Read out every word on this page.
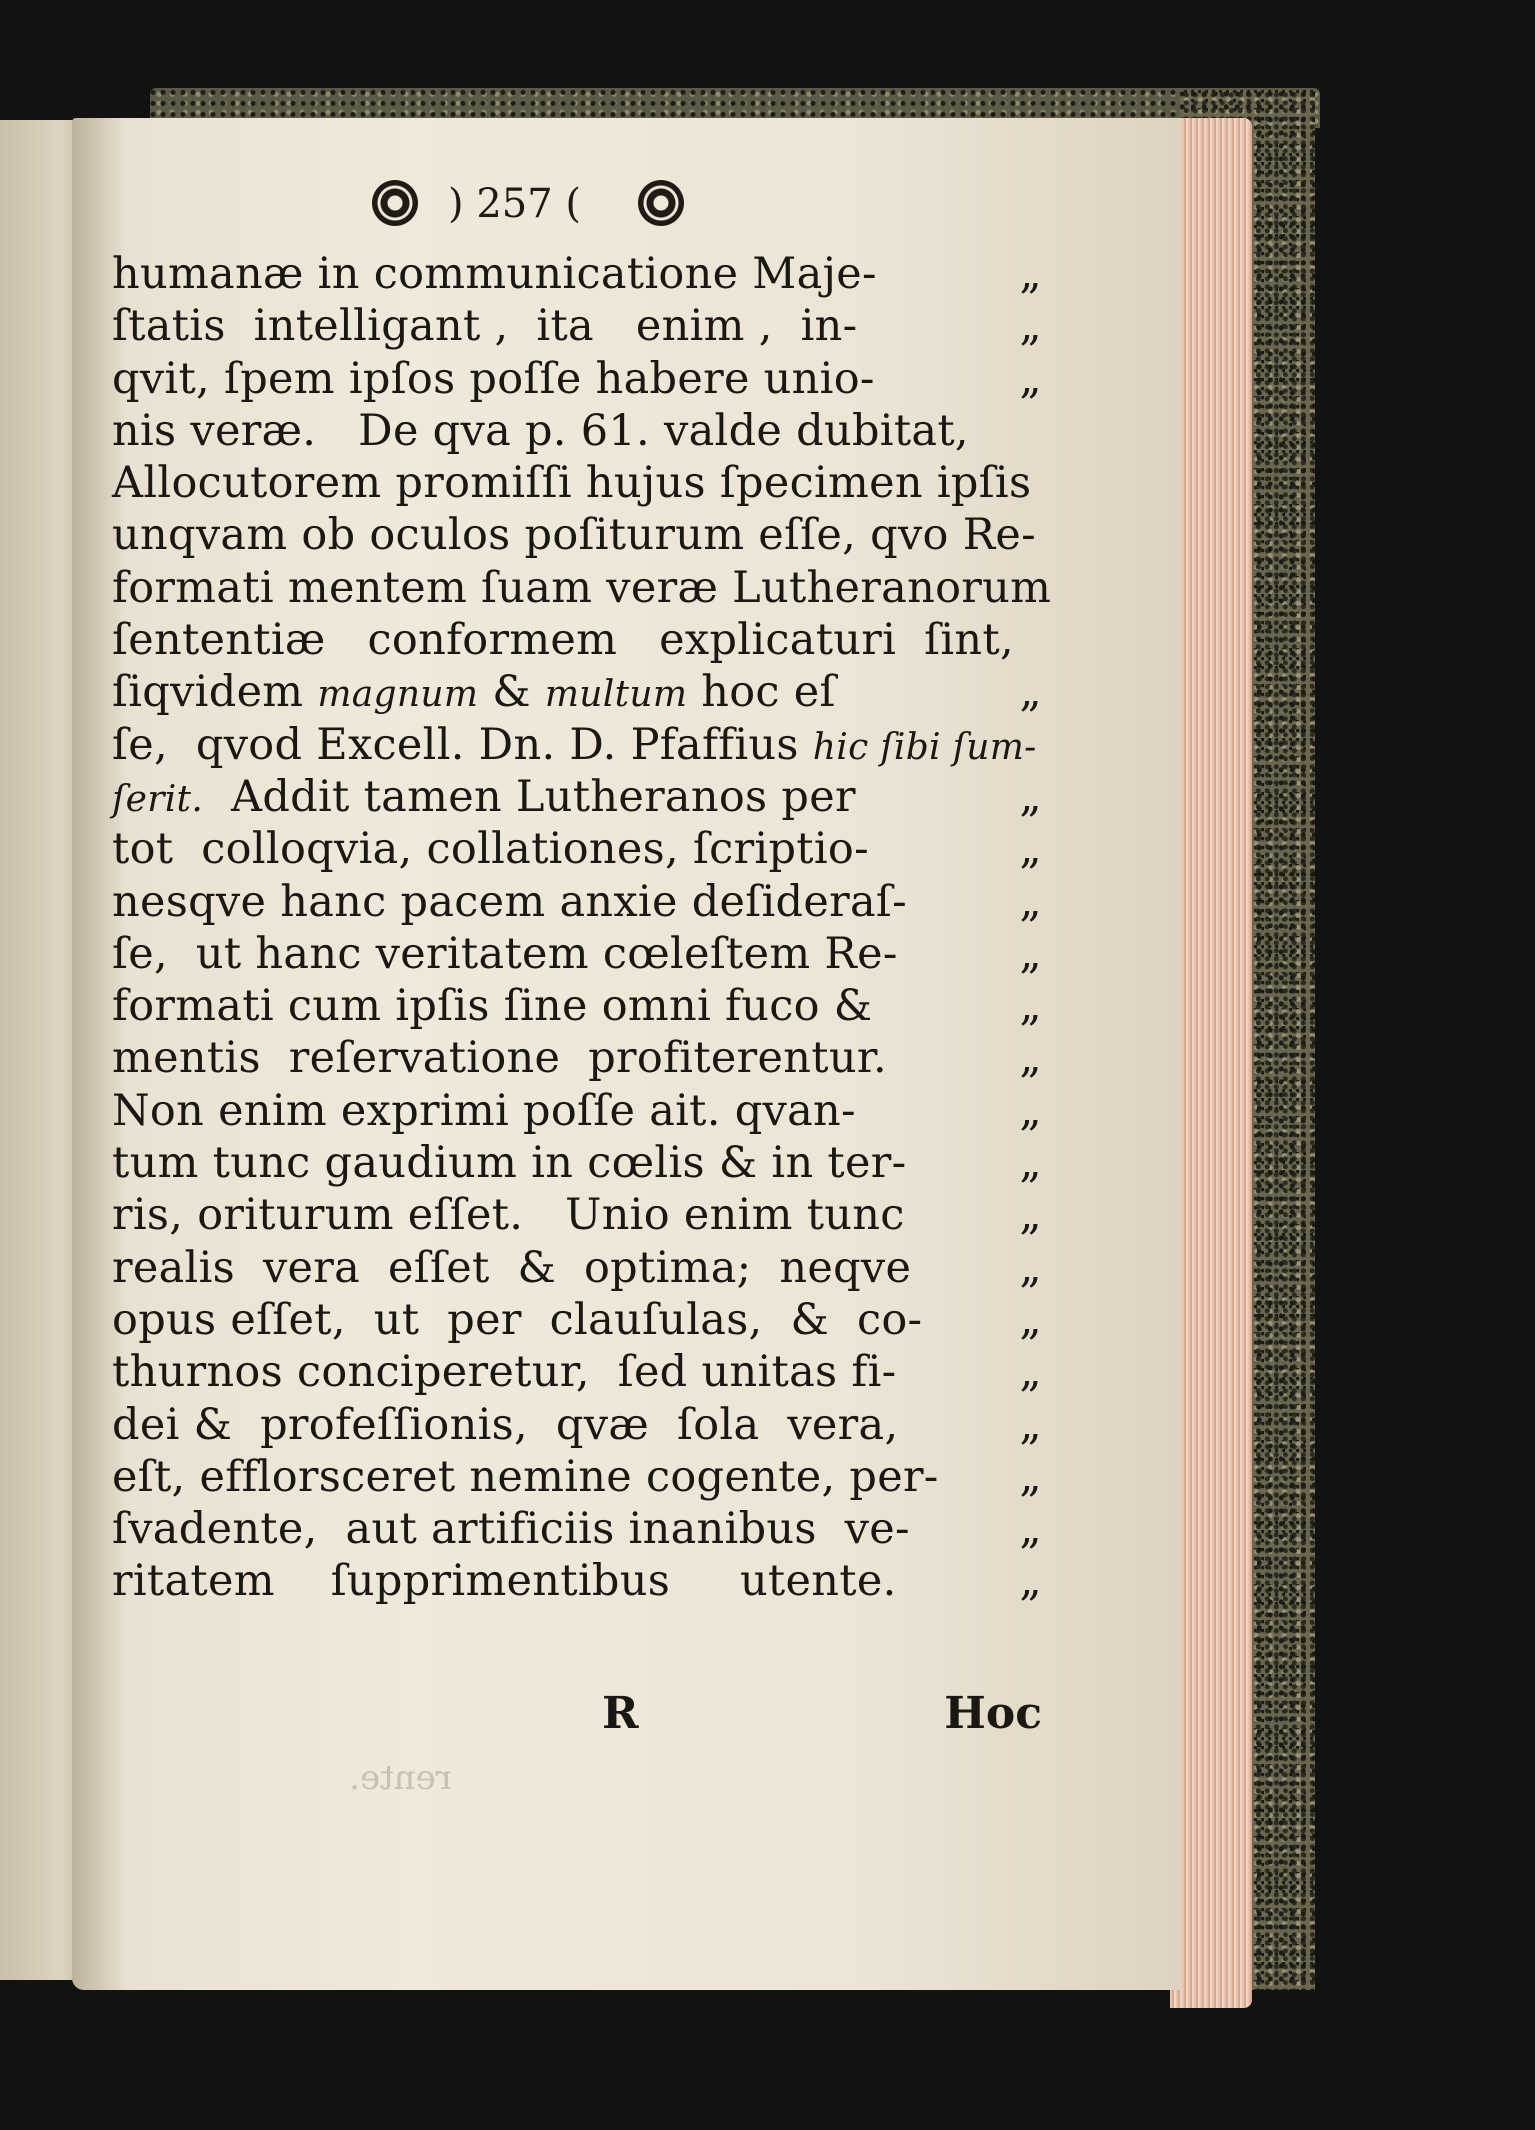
) 257 (
humanæ in communicatione Maje-	„
ſtatis  intelligant ,  ita   enim ,  in-	„
qvit, ſpem ipſos poſſe habere unio-	„
nis veræ.   De qva p. 61. valde dubitat,
Allocutorem promiſſi hujus ſpecimen ipſis
unqvam ob oculos poſiturum eſſe, qvo Re-
formati mentem ſuam veræ Lutheranorum
ſententiæ   conformem   explicaturi  ſint,
ſiqvidem magnum & multum hoc eſ	„
ſe,  qvod Excell. Dn. D. Pfaffius hic ſibi ſum-
ſerit.  Addit tamen Lutheranos per	„
tot  colloqvia, collationes, ſcriptio-	„
nesqve hanc pacem anxie deſideraſ-	„
ſe,  ut hanc veritatem cœleſtem Re-	„
formati cum ipſis ſine omni fuco &	„
mentis  reſervatione  profiterentur.	„
Non enim exprimi poſſe ait. qvan-	„
tum tunc gaudium in cœlis & in ter-	„
ris, oriturum eſſet.   Unio enim tunc	„
realis  vera  eſſet  &  optima;  neqve	„
opus eſſet,  ut  per  clauſulas,  &  co- „
thurnos conciperetur,  ſed unitas fi-	„
dei &  profeſſionis,  qvæ  ſola  vera,	„
eſt, efflorsceret nemine cogente, per- „
ſvadente,  aut artificiis inanibus  ve-	„
ritatem    ſupprimentibus     utente.	„
R	Hoc
rente.
